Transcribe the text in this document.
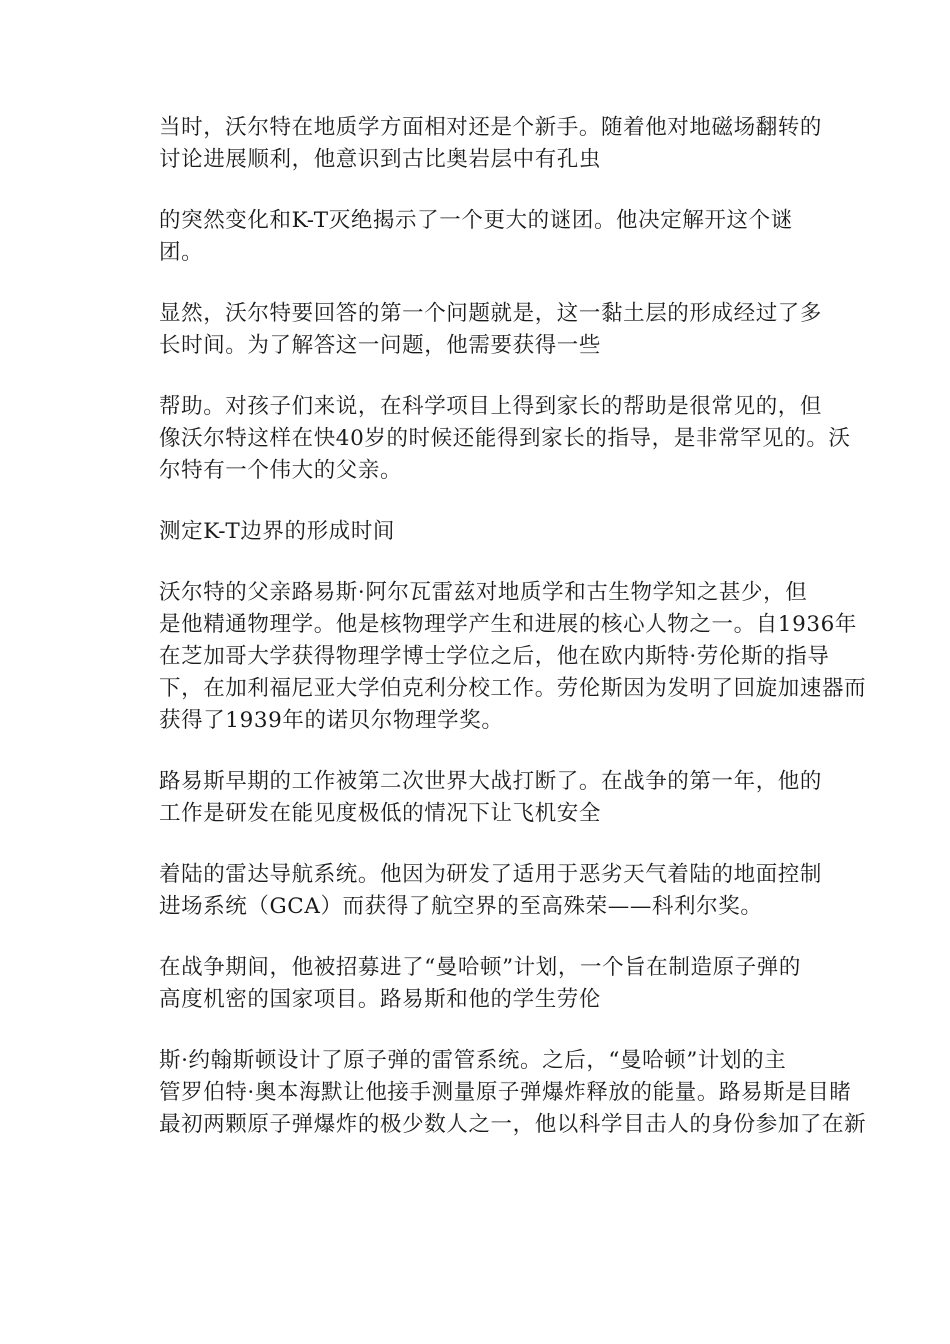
当时，沃尔特在地质学方面相对还是个新手。随着他对地磁场翻转的
讨论进展顺利，他意识到古比奥岩层中有孔虫

的突然变化和K-T灭绝揭示了一个更大的谜团。他决定解开这个谜
团。

显然，沃尔特要回答的第一个问题就是，这一黏土层的形成经过了多
长时间。为了解答这一问题，他需要获得一些

帮助。对孩子们来说，在科学项目上得到家长的帮助是很常见的，但
像沃尔特这样在快40岁的时候还能得到家长的指导，是非常罕见的。沃
尔特有一个伟大的父亲。

测定K-T边界的形成时间

沃尔特的父亲路易斯·阿尔瓦雷兹对地质学和古生物学知之甚少，但
是他精通物理学。他是核物理学产生和进展的核心人物之一。自1936年
在芝加哥大学获得物理学博士学位之后，他在欧内斯特·劳伦斯的指导
下，在加利福尼亚大学伯克利分校工作。劳伦斯因为发明了回旋加速器而
获得了1939年的诺贝尔物理学奖。

路易斯早期的工作被第二次世界大战打断了。在战争的第一年，他的
工作是研发在能见度极低的情况下让飞机安全

着陆的雷达导航系统。他因为研发了适用于恶劣天气着陆的地面控制
进场系统（GCA）而获得了航空界的至高殊荣——科利尔奖。

在战争期间，他被招募进了“曼哈顿”计划，一个旨在制造原子弹的
高度机密的国家项目。路易斯和他的学生劳伦

斯·约翰斯顿设计了原子弹的雷管系统。之后，“曼哈顿”计划的主
管罗伯特·奥本海默让他接手测量原子弹爆炸释放的能量。路易斯是目睹
最初两颗原子弹爆炸的极少数人之一，他以科学目击人的身份参加了在新
